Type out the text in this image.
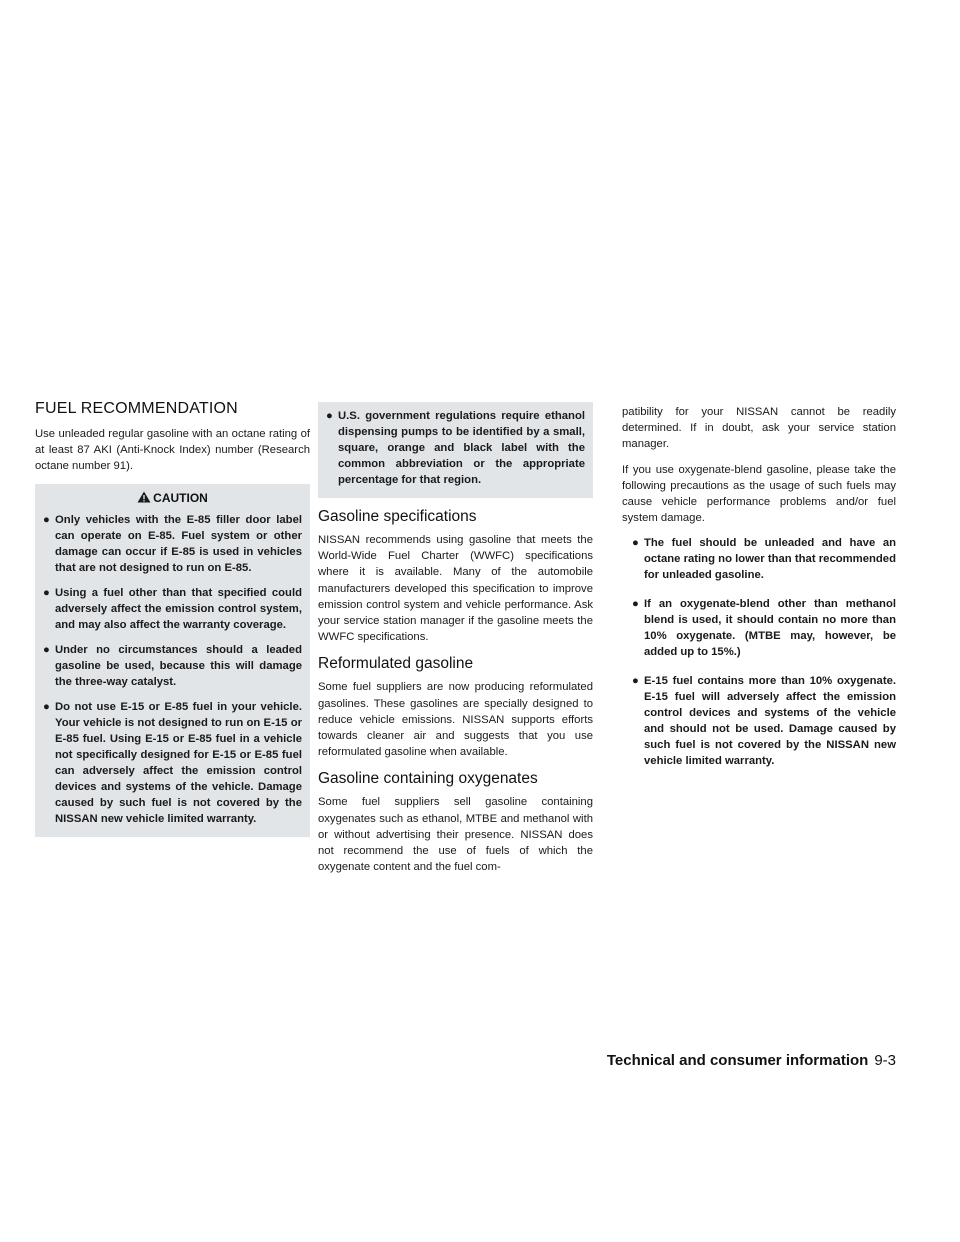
FUEL RECOMMENDATION

Use unleaded regular gasoline with an octane rating of at least 87 AKI (Anti-Knock Index) number (Research octane number 91).

CAUTION
● Only vehicles with the E-85 filler door label can operate on E-85. Fuel system or other damage can occur if E-85 is used in vehicles that are not designed to run on E-85.
● Using a fuel other than that specified could adversely affect the emission control system, and may also affect the warranty coverage.
● Under no circumstances should a leaded gasoline be used, because this will damage the three-way catalyst.
● Do not use E-15 or E-85 fuel in your vehicle. Your vehicle is not designed to run on E-15 or E-85 fuel. Using E-15 or E-85 fuel in a vehicle not specifically designed for E-15 or E-85 fuel can adversely affect the emission control devices and systems of the vehicle. Damage caused by such fuel is not covered by the NISSAN new vehicle limited warranty.
● U.S. government regulations require ethanol dispensing pumps to be identified by a small, square, orange and black label with the common abbreviation or the appropriate percentage for that region.
Gasoline specifications

NISSAN recommends using gasoline that meets the World-Wide Fuel Charter (WWFC) specifications where it is available. Many of the automobile manufacturers developed this specification to improve emission control system and vehicle performance. Ask your service station manager if the gasoline meets the WWFC specifications.

Reformulated gasoline

Some fuel suppliers are now producing reformulated gasolines. These gasolines are specially designed to reduce vehicle emissions. NISSAN supports efforts towards cleaner air and suggests that you use reformulated gasoline when available.

Gasoline containing oxygenates

Some fuel suppliers sell gasoline containing oxygenates such as ethanol, MTBE and methanol with or without advertising their presence. NISSAN does not recommend the use of fuels of which the oxygenate content and the fuel com-

patibility for your NISSAN cannot be readily determined. If in doubt, ask your service station manager.

If you use oxygenate-blend gasoline, please take the following precautions as the usage of such fuels may cause vehicle performance problems and/or fuel system damage.

● The fuel should be unleaded and have an octane rating no lower than that recommended for unleaded gasoline.
● If an oxygenate-blend other than methanol blend is used, it should contain no more than 10% oxygenate. (MTBE may, however, be added up to 15%.)
● E-15 fuel contains more than 10% oxygenate. E-15 fuel will adversely affect the emission control devices and systems of the vehicle and should not be used. Damage caused by such fuel is not covered by the NISSAN new vehicle limited warranty.
Technical and consumer information 9-3
